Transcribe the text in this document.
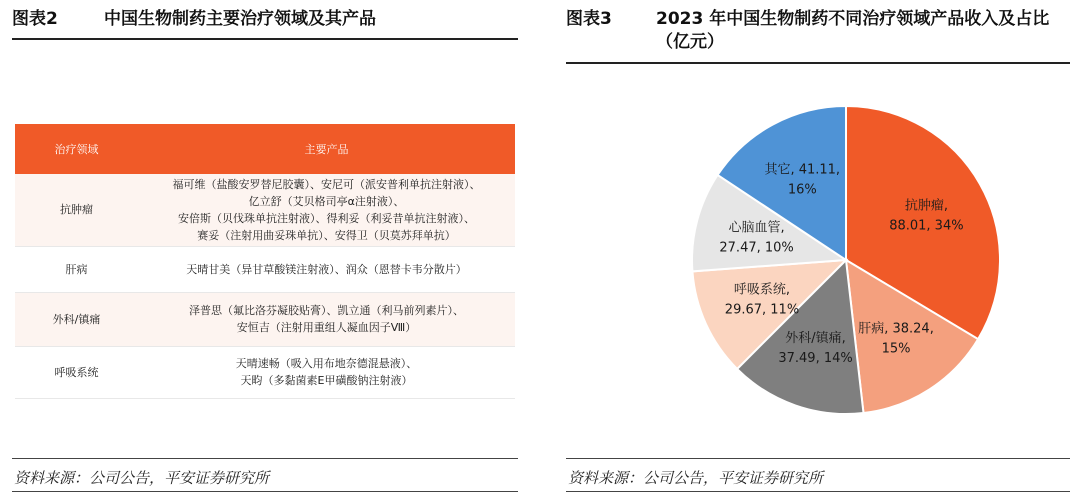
图表2	中国生物制药主要治疗领域及其产品
治疗领域	主要产品
抗肿瘤	福可维（盐酸安罗替尼胶囊）、安尼可（派安普利单抗注射液）、
亿立舒（艾贝格司亭α注射液）、
安倍斯（贝伐珠单抗注射液）、得利妥（利妥昔单抗注射液）、
赛妥（注射用曲妥珠单抗）、安得卫（贝莫苏拜单抗）

肝病	天晴甘美（异甘草酸镁注射液）、润众（恩替卡韦分散片）

外科/镇痛	泽普思（氟比洛芬凝胶贴膏）、凯立通（利马前列素片）、
安恒吉（注射用重组人凝血因子Ⅷ）

呼吸系统	天晴速畅（吸入用布地奈德混悬液）、
天畇（多黏菌素E甲磺酸钠注射液）
资料来源：公司公告，平安证券研究所
图表3	2023 年中国生物制药不同治疗领域产品收入及占比（亿元）
抗肿瘤, 88.01, 34%
肝病, 38.24, 15%
外科/镇痛, 37.49, 14%
呼吸系统, 29.67, 11%
心脑血管, 27.47, 10%
其它, 41.11, 16%
资料来源：公司公告，平安证券研究所
